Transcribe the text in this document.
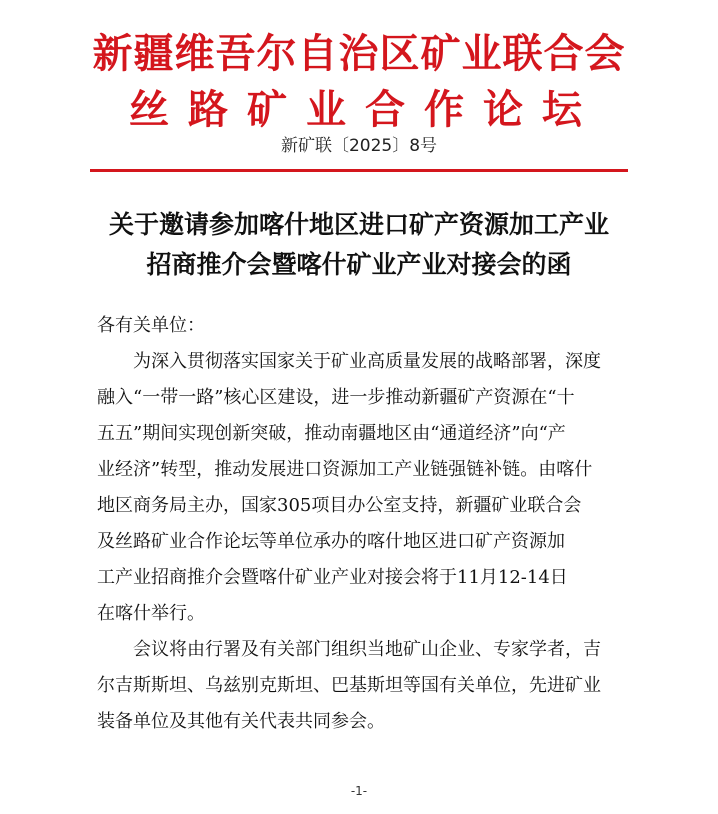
新疆维吾尔自治区矿业联合会
丝路矿业合作论坛
新矿联〔2025〕8号
关于邀请参加喀什地区进口矿产资源加工产业
招商推介会暨喀什矿业产业对接会的函
各有关单位：
为深入贯彻落实国家关于矿业高质量发展的战略部署，深度
融入“一带一路”核心区建设，进一步推动新疆矿产资源在“十
五五”期间实现创新突破，推动南疆地区由“通道经济”向“产
业经济”转型，推动发展进口资源加工产业链强链补链。由喀什
地区商务局主办，国家305项目办公室支持，新疆矿业联合会
及丝路矿业合作论坛等单位承办的喀什地区进口矿产资源加
工产业招商推介会暨喀什矿业产业对接会将于11月12-14日
在喀什举行。
会议将由行署及有关部门组织当地矿山企业、专家学者，吉
尔吉斯斯坦、乌兹别克斯坦、巴基斯坦等国有关单位，先进矿业
装备单位及其他有关代表共同参会。
-1-
